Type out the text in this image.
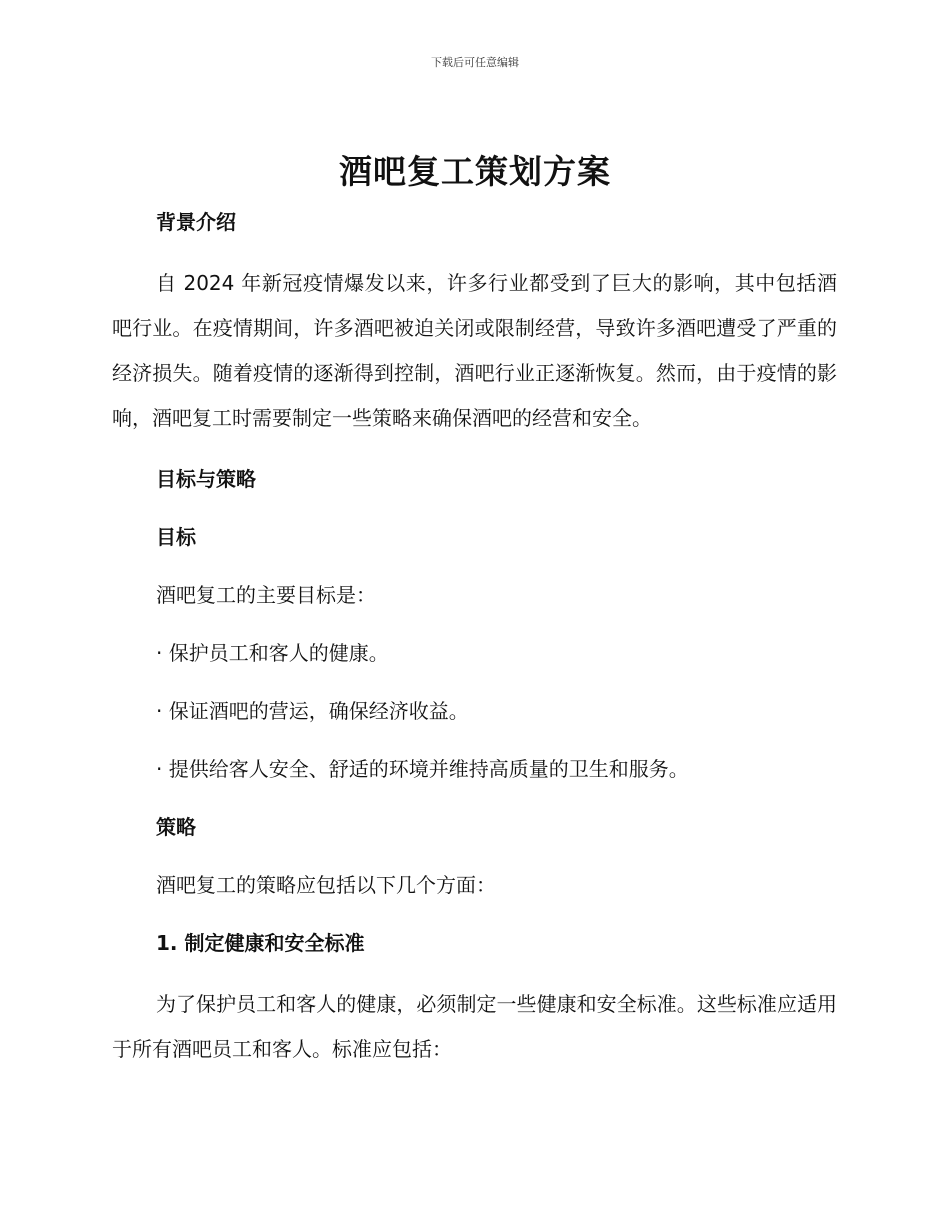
下载后可任意编辑
酒吧复工策划方案

背景介绍

自 2024 年新冠疫情爆发以来，许多行业都受到了巨大的影响，其中包括酒吧行业。在疫情期间，许多酒吧被迫关闭或限制经营，导致许多酒吧遭受了严重的经济损失。随着疫情的逐渐得到控制，酒吧行业正逐渐恢复。然而，由于疫情的影响，酒吧复工时需要制定一些策略来确保酒吧的经营和安全。

目标与策略

目标

酒吧复工的主要目标是：

· 保护员工和客人的健康。

· 保证酒吧的营运，确保经济收益。

· 提供给客人安全、舒适的环境并维持高质量的卫生和服务。

策略

酒吧复工的策略应包括以下几个方面：

1. 制定健康和安全标准

为了保护员工和客人的健康，必须制定一些健康和安全标准。这些标准应适用于所有酒吧员工和客人。标准应包括：
